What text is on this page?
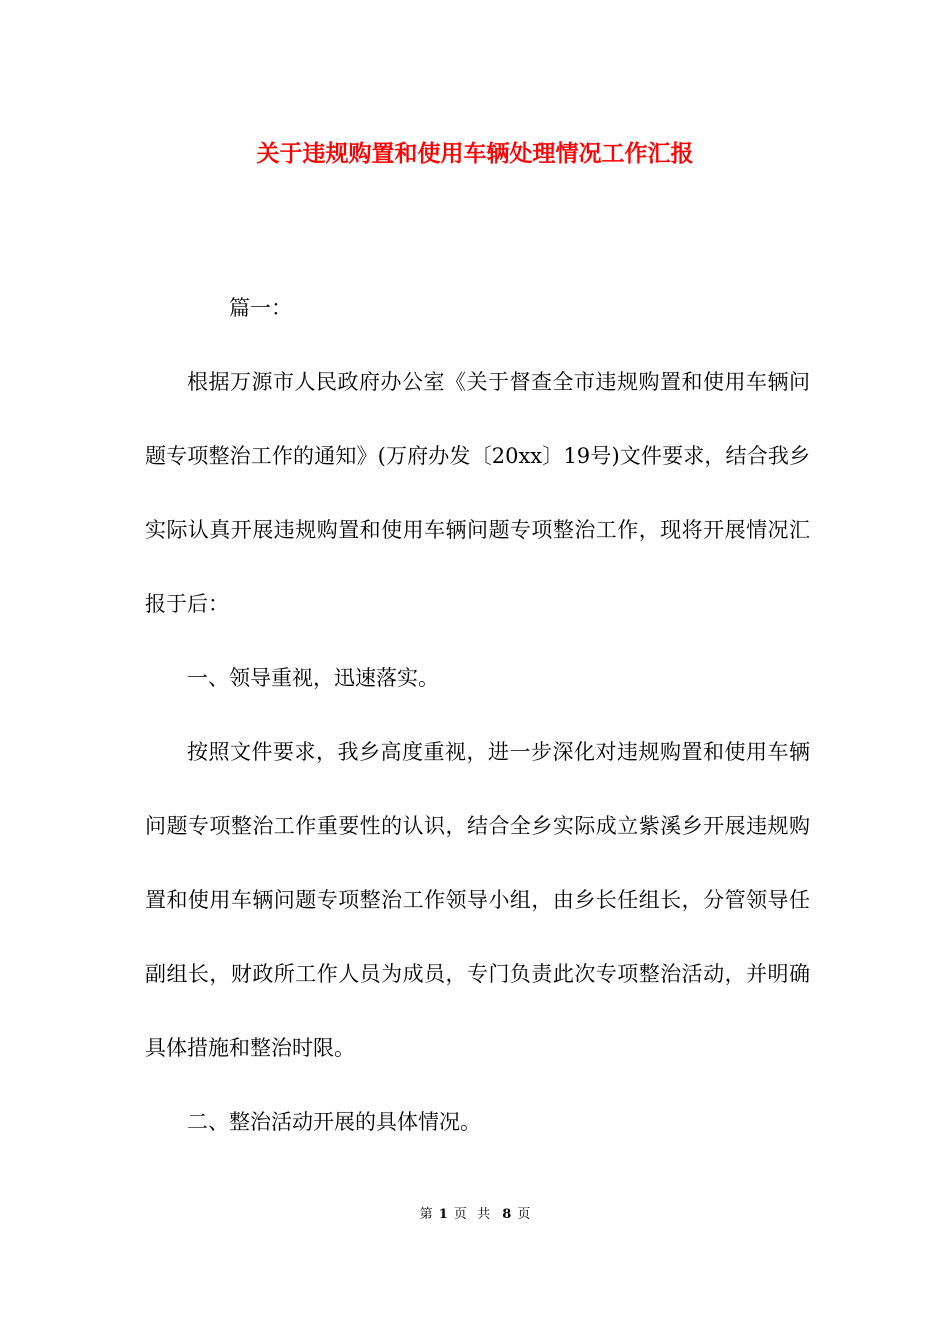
关于违规购置和使用车辆处理情况工作汇报

篇一：

根据万源市人民政府办公室《关于督查全市违规购置和使用车辆问题专项整治工作的通知》(万府办发〔20xx〕19号)文件要求，结合我乡实际认真开展违规购置和使用车辆问题专项整治工作，现将开展情况汇报于后：

一、领导重视，迅速落实。

按照文件要求，我乡高度重视，进一步深化对违规购置和使用车辆问题专项整治工作重要性的认识，结合全乡实际成立紫溪乡开展违规购置和使用车辆问题专项整治工作领导小组，由乡长任组长，分管领导任副组长，财政所工作人员为成员，专门负责此次专项整治活动，并明确具体措施和整治时限。

二、整治活动开展的具体情况。

第 1 页 共 8 页
